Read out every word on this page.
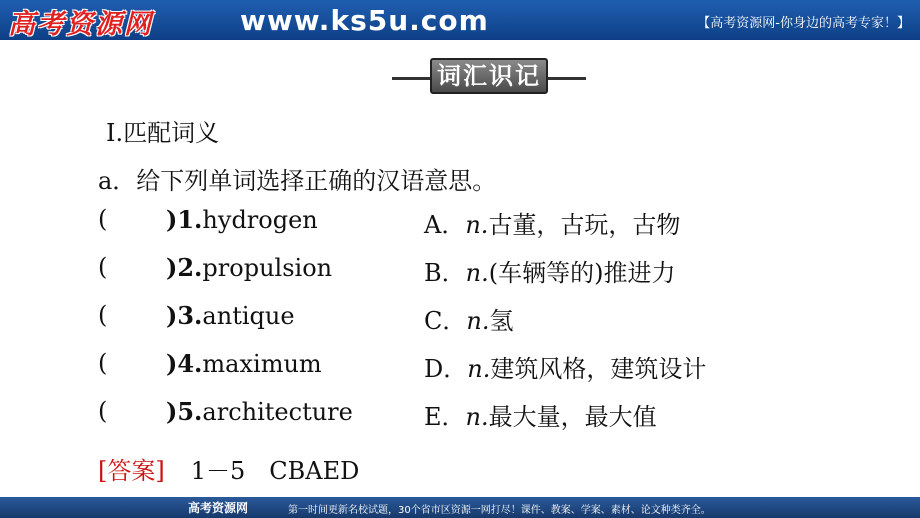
高考资源网	www.ks5u.com	【高考资源网-你身边的高考专家！】
词汇识记
Ⅰ.匹配词义
a．给下列单词选择正确的汉语意思。
( )1.hydrogen	A．n.古董，古玩，古物
( )2.propulsion	B．n.(车辆等的)推进力
( )3.antique	C．n.氢
( )4.maximum	D．n.建筑风格，建筑设计
( )5.architecture	E．n.最大量，最大值
[答案] 1－5　CBAED
高考资源网	第一时间更新名校试题，30个省市区资源一网打尽！课件、教案、学案、素材、论文种类齐全。
